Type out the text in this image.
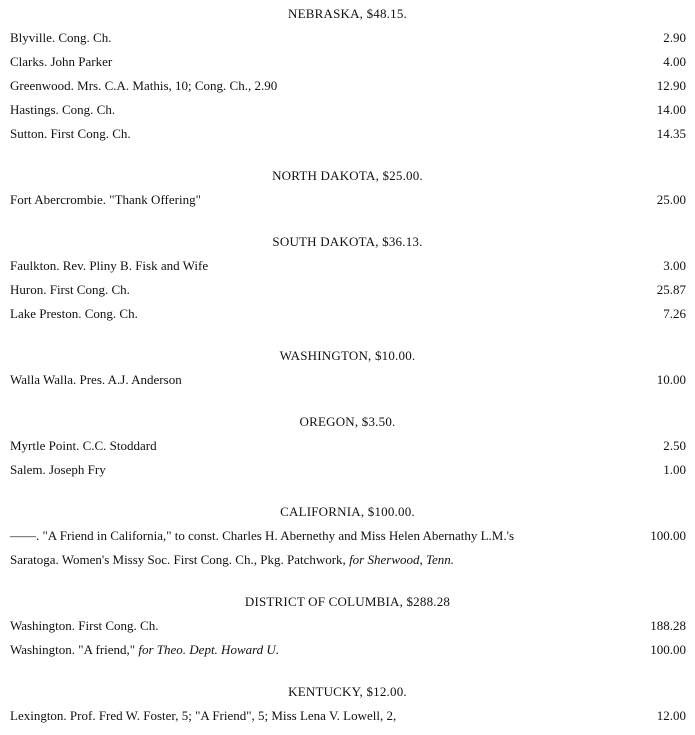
NEBRASKA, $48.15.
Blyville. Cong. Ch.	2.90
Clarks. John Parker	4.00
Greenwood. Mrs. C.A. Mathis, 10; Cong. Ch., 2.90	12.90
Hastings. Cong. Ch.	14.00
Sutton. First Cong. Ch.	14.35
NORTH DAKOTA, $25.00.
Fort Abercrombie. "Thank Offering"	25.00
SOUTH DAKOTA, $36.13.
Faulkton. Rev. Pliny B. Fisk and Wife	3.00
Huron. First Cong. Ch.	25.87
Lake Preston. Cong. Ch.	7.26
WASHINGTON, $10.00.
Walla Walla. Pres. A.J. Anderson	10.00
OREGON, $3.50.
Myrtle Point. C.C. Stoddard	2.50
Salem. Joseph Fry	1.00
CALIFORNIA, $100.00.
——. "A Friend in California," to const. Charles H. Abernethy and Miss Helen Abernathy L.M.'s	100.00
Saratoga. Women's Missy Soc. First Cong. Ch., Pkg. Patchwork, for Sherwood, Tenn.
DISTRICT OF COLUMBIA, $288.28
Washington. First Cong. Ch.	188.28
Washington. "A friend," for Theo. Dept. Howard U.	100.00
KENTUCKY, $12.00.
Lexington. Prof. Fred W. Foster, 5; "A Friend", 5; Miss Lena V. Lowell, 2,	12.00
